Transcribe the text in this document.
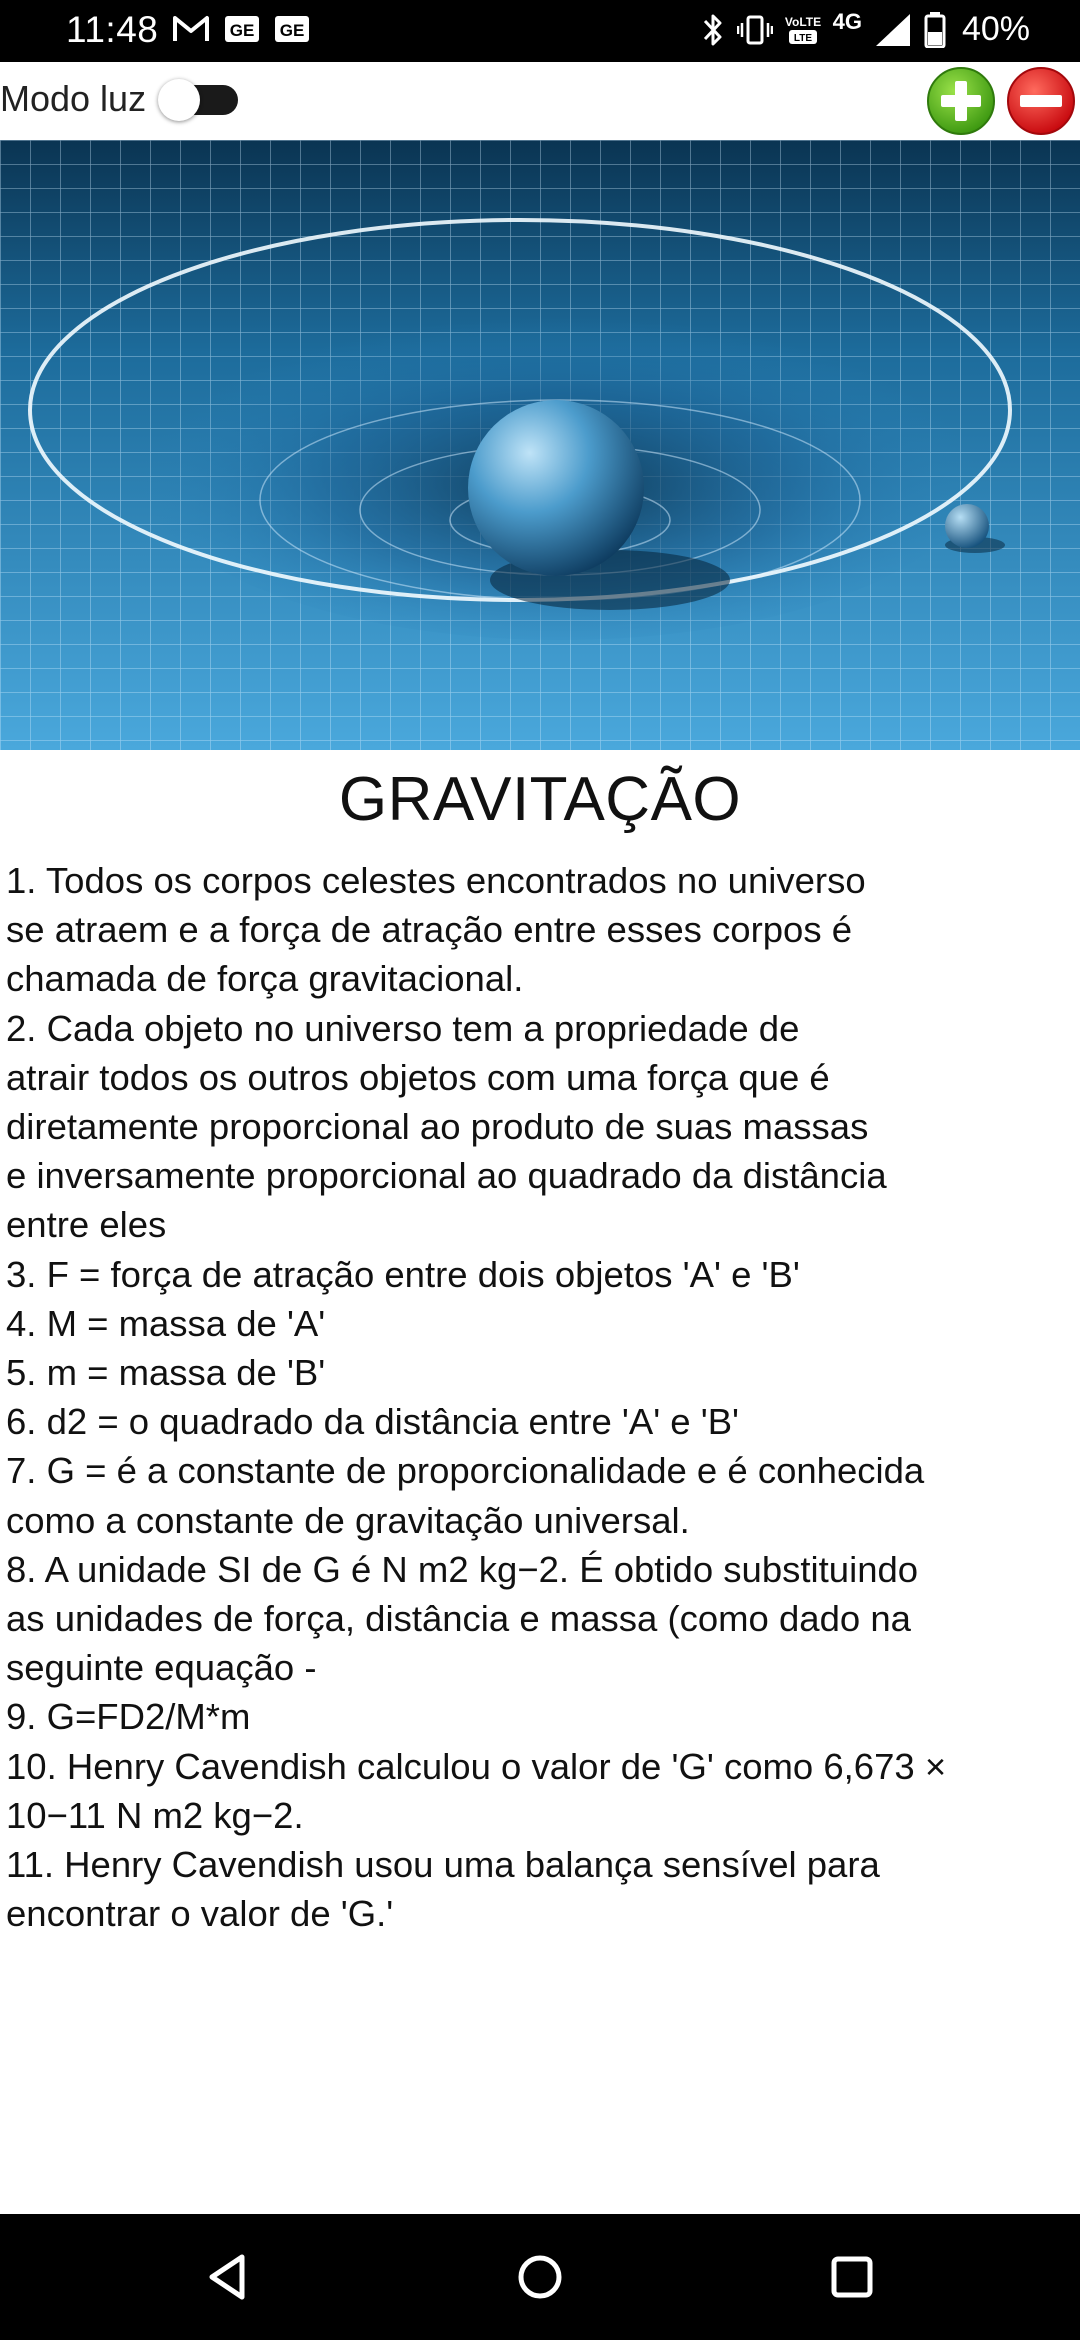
11:48	GE GE	VoLTE
LTE
4G	40%
Modo luz
GRAVITAÇÃO

1. Todos os corpos celestes encontrados no universo
se atraem e a força de atração entre esses corpos é
chamada de força gravitacional.

2. Cada objeto no universo tem a propriedade de
atrair todos os outros objetos com uma força que é
diretamente proporcional ao produto de suas massas
e inversamente proporcional ao quadrado da distância
entre eles

3. F = força de atração entre dois objetos 'A' e 'B'

4. M = massa de 'A'

5. m = massa de 'B'

6. d2 = o quadrado da distância entre 'A' e 'B'

7. G = é a constante de proporcionalidade e é conhecida
como a constante de gravitação universal.

8. A unidade SI de G é N m2 kg−2. É obtido substituindo
as unidades de força, distância e massa (como dado na
seguinte equação -

9. G=FD2/M*m

10. Henry Cavendish calculou o valor de 'G' como 6,673 ×
10−11 N m2 kg−2.

11. Henry Cavendish usou uma balança sensível para
encontrar o valor de 'G.'
